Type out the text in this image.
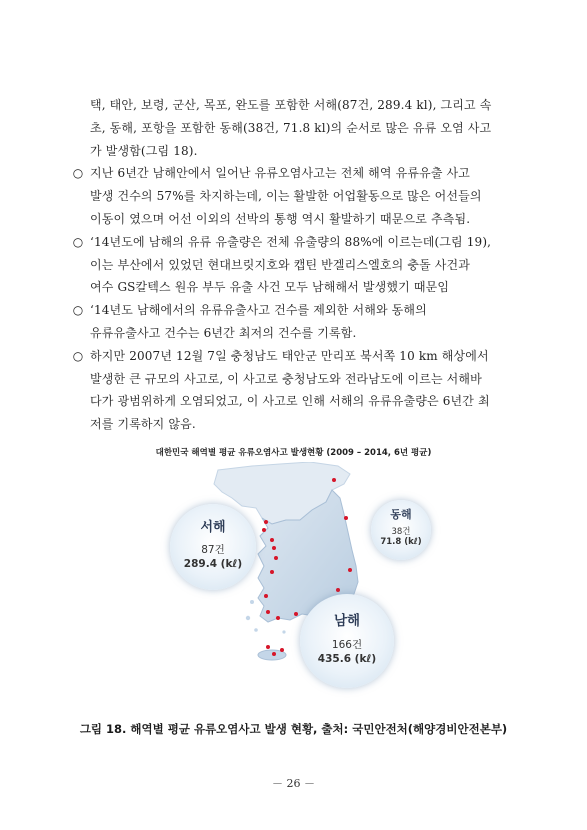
택, 태안, 보령, 군산, 목포, 완도를 포함한 서해(87건, 289.4 kl), 그리고 속
초, 동해, 포항을 포함한 동해(38건, 71.8 kl)의 순서로 많은 유류 오염 사고
가 발생함(그림 18).
○ 지난 6년간 남해안에서 일어난 유류오염사고는 전체 해역 유류유출 사고
발생 건수의 57%를 차지하는데, 이는 활발한 어업활동으로 많은 어선들의
이동이 였으며 어선 이외의 선박의 통행 역시 활발하기 때문으로 추측됨.
○ ‘14년도에 남해의 유류 유출량은 전체 유출량의 88%에 이르는데(그림 19),
이는 부산에서 있었던 현대브릿지호와 캡틴 반겔리스엘호의 충돌 사건과
여수 GS칼텍스 원유 부두 유출 사건 모두 남해해서 발생했기 때문임
○ ‘14년도 남해에서의 유류유출사고 건수를 제외한 서해와 동해의
유류유출사고 건수는 6년간 최저의 건수를 기록함.
○ 하지만 2007년 12월 7일 충청남도 태안군 만리포 북서쪽 10 km 해상에서
발생한 큰 규모의 사고로, 이 사고로 충청남도와 전라남도에 이르는 서해바
다가 광범위하게 오염되었고, 이 사고로 인해 서해의 유류유출량은 6년간 최
저를 기록하지 않음.
대한민국 해역별 평균 유류오염사고 발생현황 (2009 – 2014, 6년 평균)
서해
87건
289.4 (kℓ)
동해
38건
71.8 (kℓ)
남해
166건
435.6 (kℓ)
그림 18. 해역별 평균 유류오염사고 발생 현황, 출처: 국민안전처(해양경비안전본부)
－ 26 －
